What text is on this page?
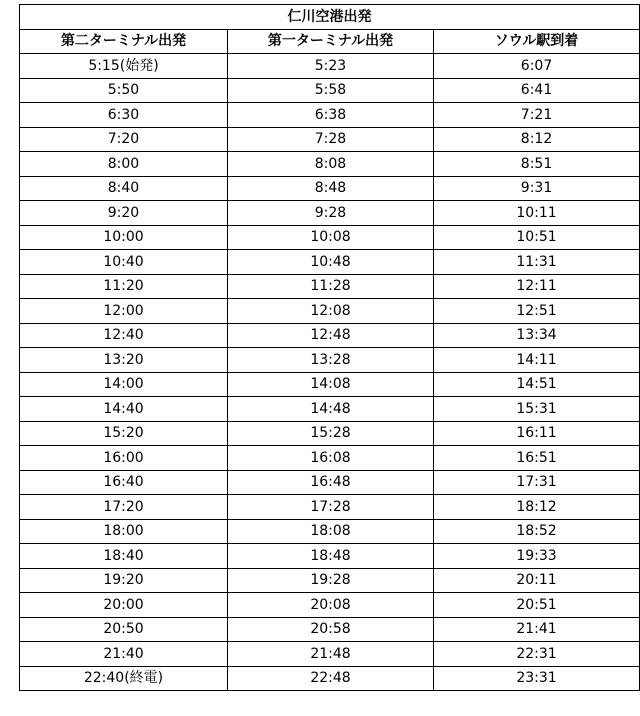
仁川空港出発		
第二ターミナル出発	第一ターミナル出発	ソウル駅到着
5:15(始発)	5:23	6:07
5:50	5:58	6:41
6:30	6:38	7:21
7:20	7:28	8:12
8:00	8:08	8:51
8:40	8:48	9:31
9:20	9:28	10:11
10:00	10:08	10:51
10:40	10:48	11:31
11:20	11:28	12:11
12:00	12:08	12:51
12:40	12:48	13:34
13:20	13:28	14:11
14:00	14:08	14:51
14:40	14:48	15:31
15:20	15:28	16:11
16:00	16:08	16:51
16:40	16:48	17:31
17:20	17:28	18:12
18:00	18:08	18:52
18:40	18:48	19:33
19:20	19:28	20:11
20:00	20:08	20:51
20:50	20:58	21:41
21:40	21:48	22:31
22:40(終電)	22:48	23:31
